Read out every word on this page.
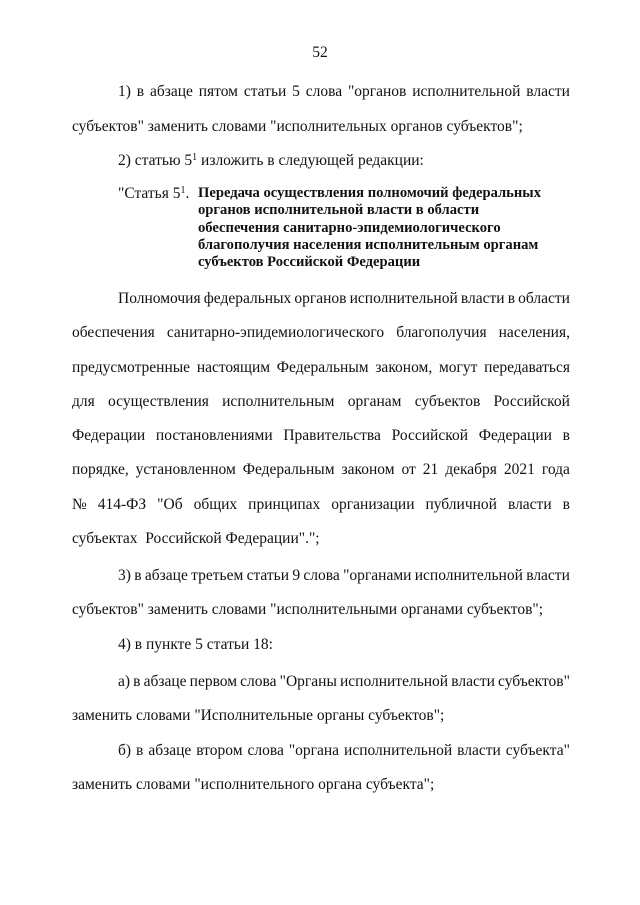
52
1) в абзаце пятом статьи 5 слова "органов исполнительной власти
субъектов" заменить словами "исполнительных органов субъектов";
2) статью $5^1$ изложить в следующей редакции:
"Статья $5^1$. Передача осуществления полномочий федеральных
органов исполнительной власти в области
обеспечения санитарно-эпидемиологического
благополучия населения исполнительным органам
субъектов Российской Федерации
Полномочия федеральных органов исполнительной власти в области
обеспечения санитарно-эпидемиологического благополучия населения,
предусмотренные настоящим Федеральным законом, могут передаваться
для осуществления исполнительным органам субъектов Российской
Федерации постановлениями Правительства Российской Федерации в
порядке, установленном Федеральным законом от 21 декабря 2021 года
№ 414-ФЗ "Об общих принципах организации публичной власти в
субъектах  Российской Федерации".";
3) в абзаце третьем статьи 9 слова "органами исполнительной власти
субъектов" заменить словами "исполнительными органами субъектов";
4) в пункте 5 статьи 18:
а) в абзаце первом слова "Органы исполнительной власти субъектов"
заменить словами "Исполнительные органы субъектов";
б) в абзаце втором слова "органа исполнительной власти субъекта"
заменить словами "исполнительного органа субъекта";
